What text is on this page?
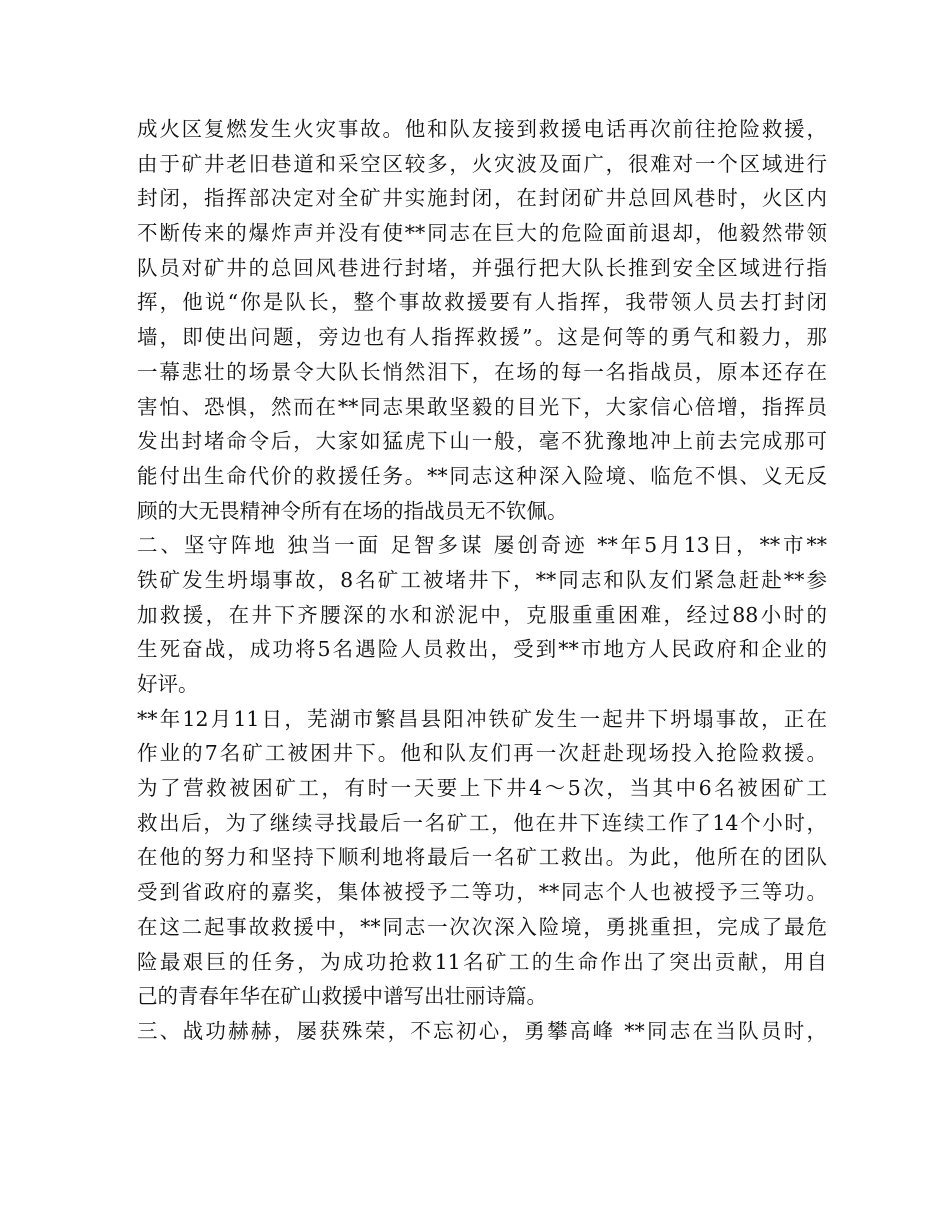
成火区复燃发生火灾事故。他和队友接到救援电话再次前往抢险救援，
由于矿井老旧巷道和采空区较多，火灾波及面广，很难对一个区域进行
封闭，指挥部决定对全矿井实施封闭，在封闭矿井总回风巷时，火区内
不断传来的爆炸声并没有使**同志在巨大的危险面前退却，他毅然带领
队员对矿井的总回风巷进行封堵，并强行把大队长推到安全区域进行指
挥，他说“你是队长，整个事故救援要有人指挥，我带领人员去打封闭
墙，即使出问题，旁边也有人指挥救援”。这是何等的勇气和毅力，那
一幕悲壮的场景令大队长悄然泪下，在场的每一名指战员，原本还存在
害怕、恐惧，然而在**同志果敢坚毅的目光下，大家信心倍增，指挥员
发出封堵命令后，大家如猛虎下山一般，毫不犹豫地冲上前去完成那可
能付出生命代价的救援任务。**同志这种深入险境、临危不惧、义无反
顾的大无畏精神令所有在场的指战员无不钦佩。
二、坚守阵地 独当一面 足智多谋 屡创奇迹 **年5月13日，**市**
铁矿发生坍塌事故，8名矿工被堵井下，**同志和队友们紧急赶赴**参
加救援，在井下齐腰深的水和淤泥中，克服重重困难，经过88小时的
生死奋战，成功将5名遇险人员救出，受到**市地方人民政府和企业的
好评。
**年12月11日，芜湖市繁昌县阳冲铁矿发生一起井下坍塌事故，正在
作业的7名矿工被困井下。他和队友们再一次赶赴现场投入抢险救援。
为了营救被困矿工，有时一天要上下井4～5次，当其中6名被困矿工
救出后，为了继续寻找最后一名矿工，他在井下连续工作了14个小时，
在他的努力和坚持下顺利地将最后一名矿工救出。为此，他所在的团队
受到省政府的嘉奖，集体被授予二等功，**同志个人也被授予三等功。
在这二起事故救援中，**同志一次次深入险境，勇挑重担，完成了最危
险最艰巨的任务，为成功抢救11名矿工的生命作出了突出贡献，用自
己的青春年华在矿山救援中谱写出壮丽诗篇。
三、战功赫赫，屡获殊荣，不忘初心，勇攀高峰 **同志在当队员时，
